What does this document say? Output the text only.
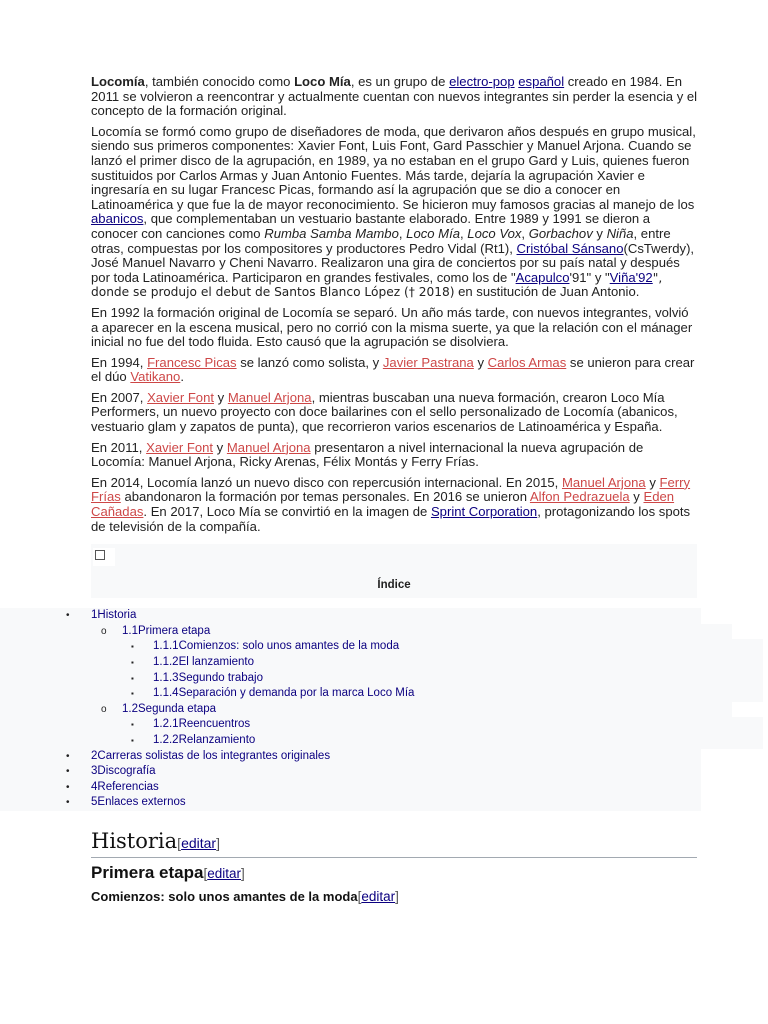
Locomía, también conocido como Loco Mía, es un grupo de electro-pop español creado en 1984. En 2011 se volvieron a reencontrar y actualmente cuentan con nuevos integrantes sin perder la esencia y el concepto de la formación original.

Locomía se formó como grupo de diseñadores de moda, que derivaron años después en grupo musical, siendo sus primeros componentes: Xavier Font, Luis Font, Gard Passchier y Manuel Arjona. Cuando se lanzó el primer disco de la agrupación, en 1989, ya no estaban en el grupo Gard y Luis, quienes fueron sustituidos por Carlos Armas y Juan Antonio Fuentes. Más tarde, dejaría la agrupación Xavier e ingresaría en su lugar Francesc Picas, formando así la agrupación que se dio a conocer en Latinoamérica y que fue la de mayor reconocimiento. Se hicieron muy famosos gracias al manejo de los abanicos, que complementaban un vestuario bastante elaborado. Entre 1989 y 1991 se dieron a conocer con canciones como Rumba Samba Mambo, Loco Mía, Loco Vox, Gorbachov y Niña, entre otras, compuestas por los compositores y productores Pedro Vidal (Rt1), Cristóbal Sánsano(CsTwerdy), José Manuel Navarro y Cheni Navarro. Realizaron una gira de conciertos por su país natal y después por toda Latinoamérica. Participaron en grandes festivales, como los de "Acapulco'91" y "Viña'92", donde se produjo el debut de Santos Blanco López († 2018) en sustitución de Juan Antonio.

En 1992 la formación original de Locomía se separó. Un año más tarde, con nuevos integrantes, volvió a aparecer en la escena musical, pero no corrió con la misma suerte, ya que la relación con el mánager inicial no fue del todo fluida. Esto causó que la agrupación se disolviera.

En 1994, Francesc Picas se lanzó como solista, y Javier Pastrana y Carlos Armas se unieron para crear el dúo Vatikano.

En 2007, Xavier Font y Manuel Arjona, mientras buscaban una nueva formación, crearon Loco Mía Performers, un nuevo proyecto con doce bailarines con el sello personalizado de Locomía (abanicos, vestuario glam y zapatos de punta), que recorrieron varios escenarios de Latinoamérica y España.

En 2011, Xavier Font y Manuel Arjona presentaron a nivel internacional la nueva agrupación de Locomía: Manuel Arjona, Ricky Arenas, Félix Montás y Ferry Frías.

En 2014, Locomía lanzó un nuevo disco con repercusión internacional. En 2015, Manuel Arjona y Ferry Frías abandonaron la formación por temas personales. En 2016 se unieron Alfon Pedrazuela y Eden Cañadas. En 2017, Loco Mía se convirtió en la imagen de Sprint Corporation, protagonizando los spots de televisión de la compañía.

Índice
•	1Historia
o	1.1Primera etapa
▪	1.1.1Comienzos: solo unos amantes de la moda
▪	1.1.2El lanzamiento
▪	1.1.3Segundo trabajo
▪	1.1.4Separación y demanda por la marca Loco Mía
o	1.2Segunda etapa
▪	1.2.1Reencuentros
▪	1.2.2Relanzamiento
•	2Carreras solistas de los integrantes originales
•	3Discografía
•	4Referencias
•	5Enlaces externos
Historia[editar]
Primera etapa[editar]
Comienzos: solo unos amantes de la moda[editar]
